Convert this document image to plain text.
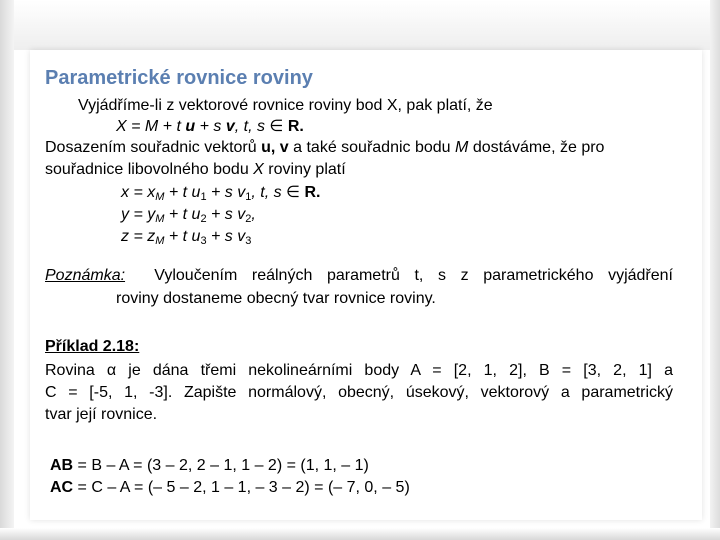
Parametrické rovnice roviny
Vyjádříme-li z vektorové rovnice roviny bod X, pak platí, že
X = M + t u + s v, t, s ∈ R.
Dosazením souřadnic vektorů u, v a také souřadnic bodu M dostáváme, že pro
souřadnice libovolného bodu X roviny platí
$x = x_M + t$ $u_1 + s$ $v_1$, t, s ∈ R.
$y = y_M + t$ $u_2 + s$ $v_2$,
$z = z_M + t$ $u_3 + s$ $v_3$
Poznámka: Vyloučením reálných parametrů t, s z parametrického vyjádření
roviny dostaneme obecný tvar rovnice roviny.
Příklad 2.18:
Rovina α je dána třemi nekolineárními body A = [2, 1, 2], B = [3, 2, 1] a
C = [-5, 1, -3]. Zapište normálový, obecný, úsekový, vektorový a parametrický
tvar její rovnice.
AB = B – A = (3 – 2, 2 – 1, 1 – 2) = (1, 1, – 1)
AC = C – A = (– 5 – 2, 1 – 1, – 3 – 2) = (– 7, 0, – 5)
